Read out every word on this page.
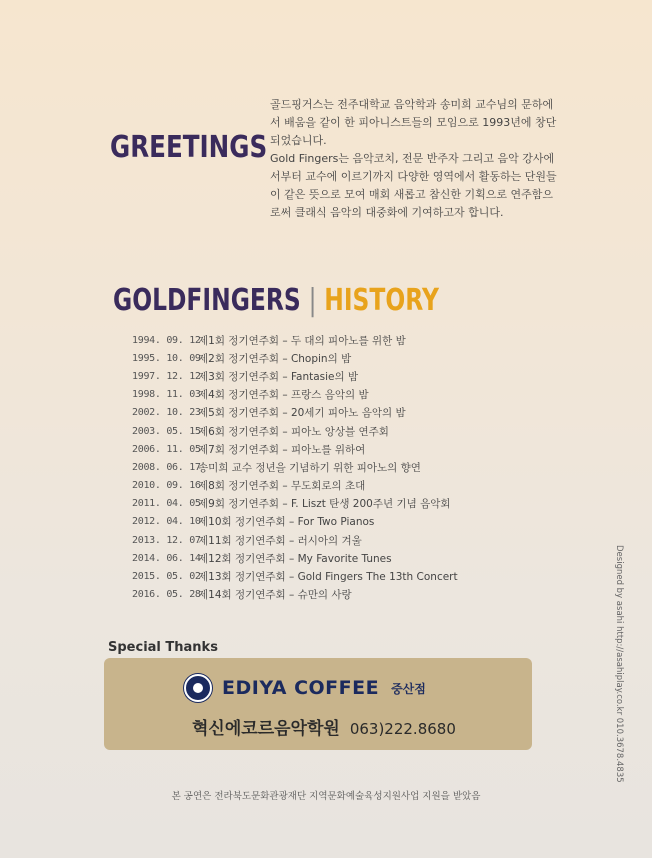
GREETINGS

골드핑거스는 전주대학교 음악학과 송미희 교수님의 문하에서 배움을 같이 한 피아니스트들의 모임으로 1993년에 창단되었습니다.

Gold Fingers는 음악코치, 전문 반주자 그리고 음악 강사에서부터 교수에 이르기까지 다양한 영역에서 활동하는 단원들이 같은 뜻으로 모여 매회 새롭고 참신한 기획으로 연주함으로써 클래식 음악의 대중화에 기여하고자 합니다.

GOLDFINGERS | HISTORY
1994. 09. 12
제1회 정기연주회 – 두 대의 피아노를 위한 밤
1995. 10. 09
제2회 정기연주회 – Chopin의 밤
1997. 12. 12
제3회 정기연주회 – Fantasie의 밤
1998. 11. 03
제4회 정기연주회 – 프랑스 음악의 밤
2002. 10. 23
제5회 정기연주회 – 20세기 피아노 음악의 밤
2003. 05. 15
제6회 정기연주회 – 피아노 앙상블 연주회
2006. 11. 05
제7회 정기연주회 – 피아노를 위하여
2008. 06. 17
송미희 교수 정년을 기념하기 위한 피아노의 향연
2010. 09. 16
제8회 정기연주회 – 무도회로의 초대
2011. 04. 05
제9회 정기연주회 – F. Liszt 탄생 200주년 기념 음악회
2012. 04. 10
제10회 정기연주회 – For Two Pianos
2013. 12. 07
제11회 정기연주회 – 러시아의 겨울
2014. 06. 14
제12회 정기연주회 – My Favorite Tunes
2015. 05. 02
제13회 정기연주회 – Gold Fingers The 13th Concert
2016. 05. 28
제14회 정기연주회 – 슈만의 사랑
Special Thanks
EDIYA COFFEE 중산점
혁신에코르음악학원 063)222.8680	Designed by asahi http://asahiplay.co.kr 010.3678.4835
본 공연은 전라북도문화관광재단 지역문화예술육성지원사업 지원을 받았음
